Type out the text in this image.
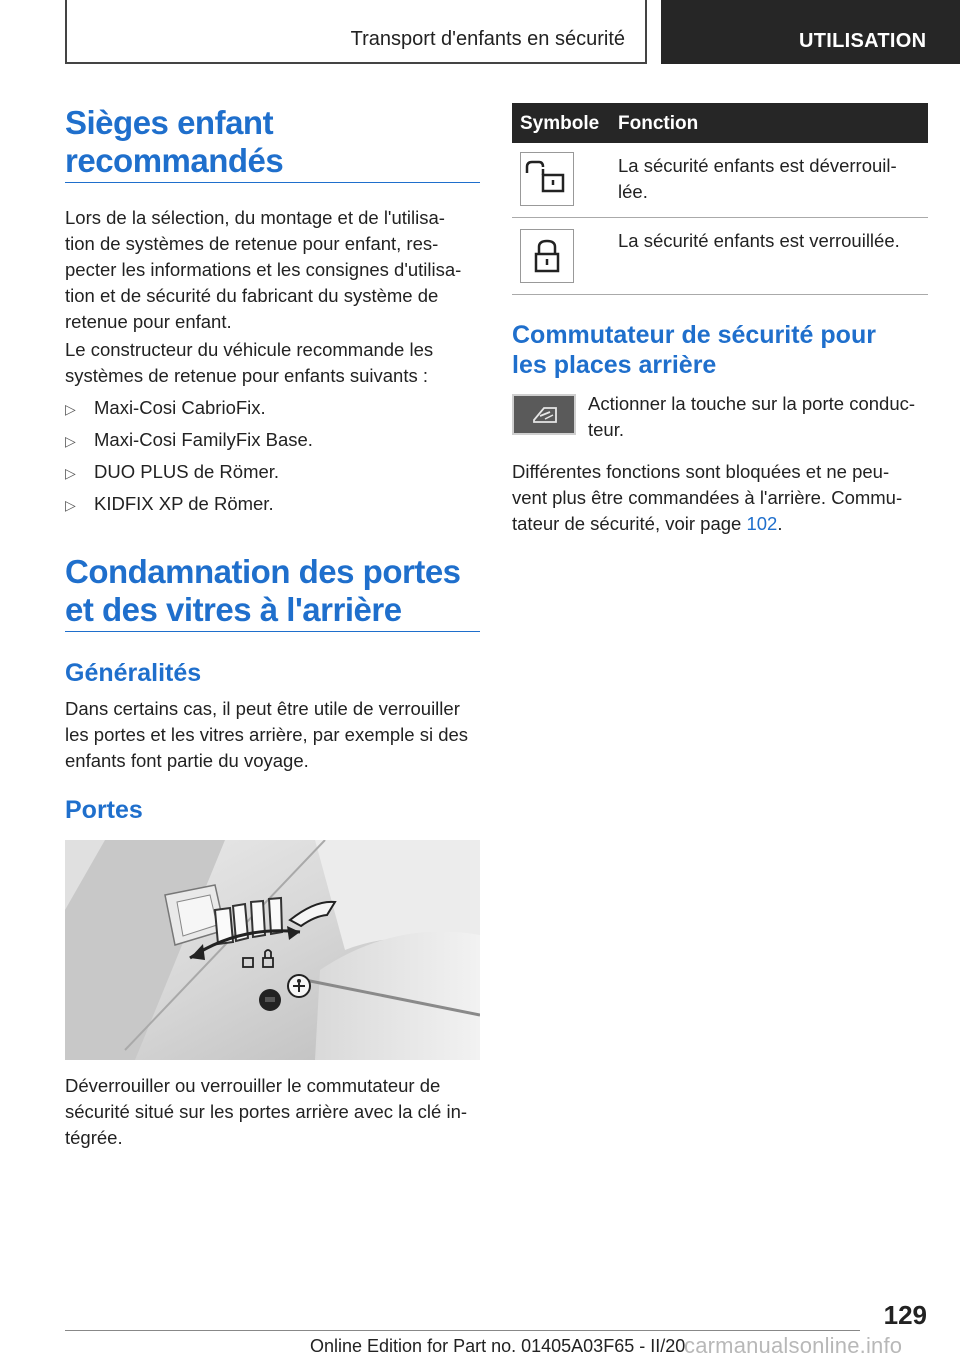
Transport d'enfants en sécurité	UTILISATION
Sièges enfant
recommandés

Lors de la sélection, du montage et de l'utilisa-

tion de systèmes de retenue pour enfant, res-

pecter les informations et les consignes d'utilisa-

tion et de sécurité du fabricant du système de

retenue pour enfant.

Le constructeur du véhicule recommande les

systèmes de retenue pour enfants suivants :

▷ Maxi-Cosi CabrioFix.
▷ Maxi-Cosi FamilyFix Base.
▷ DUO PLUS de Römer.
▷ KIDFIX XP de Römer.
Condamnation des portes
et des vitres à l'arrière
Généralités

Dans certains cas, il peut être utile de verrouiller

les portes et les vitres arrière, par exemple si des

enfants font partie du voyage.

Portes

Déverrouiller ou verrouiller le commutateur de

sécurité situé sur les portes arrière avec la clé in-

tégrée.

Symbole Fonction
La sécurité enfants est déverrouil-
lée.
La sécurité enfants est verrouillée.
Commutateur de sécurité pour
les places arrière

Actionner la touche sur la porte conduc-

teur.

Différentes fonctions sont bloquées et ne peu-

vent plus être commandées à l'arrière. Commu-

tateur de sécurité, voir page 102.

129
Online Edition for Part no. 01405A03F65 - II/20
carmanualsonline.info
